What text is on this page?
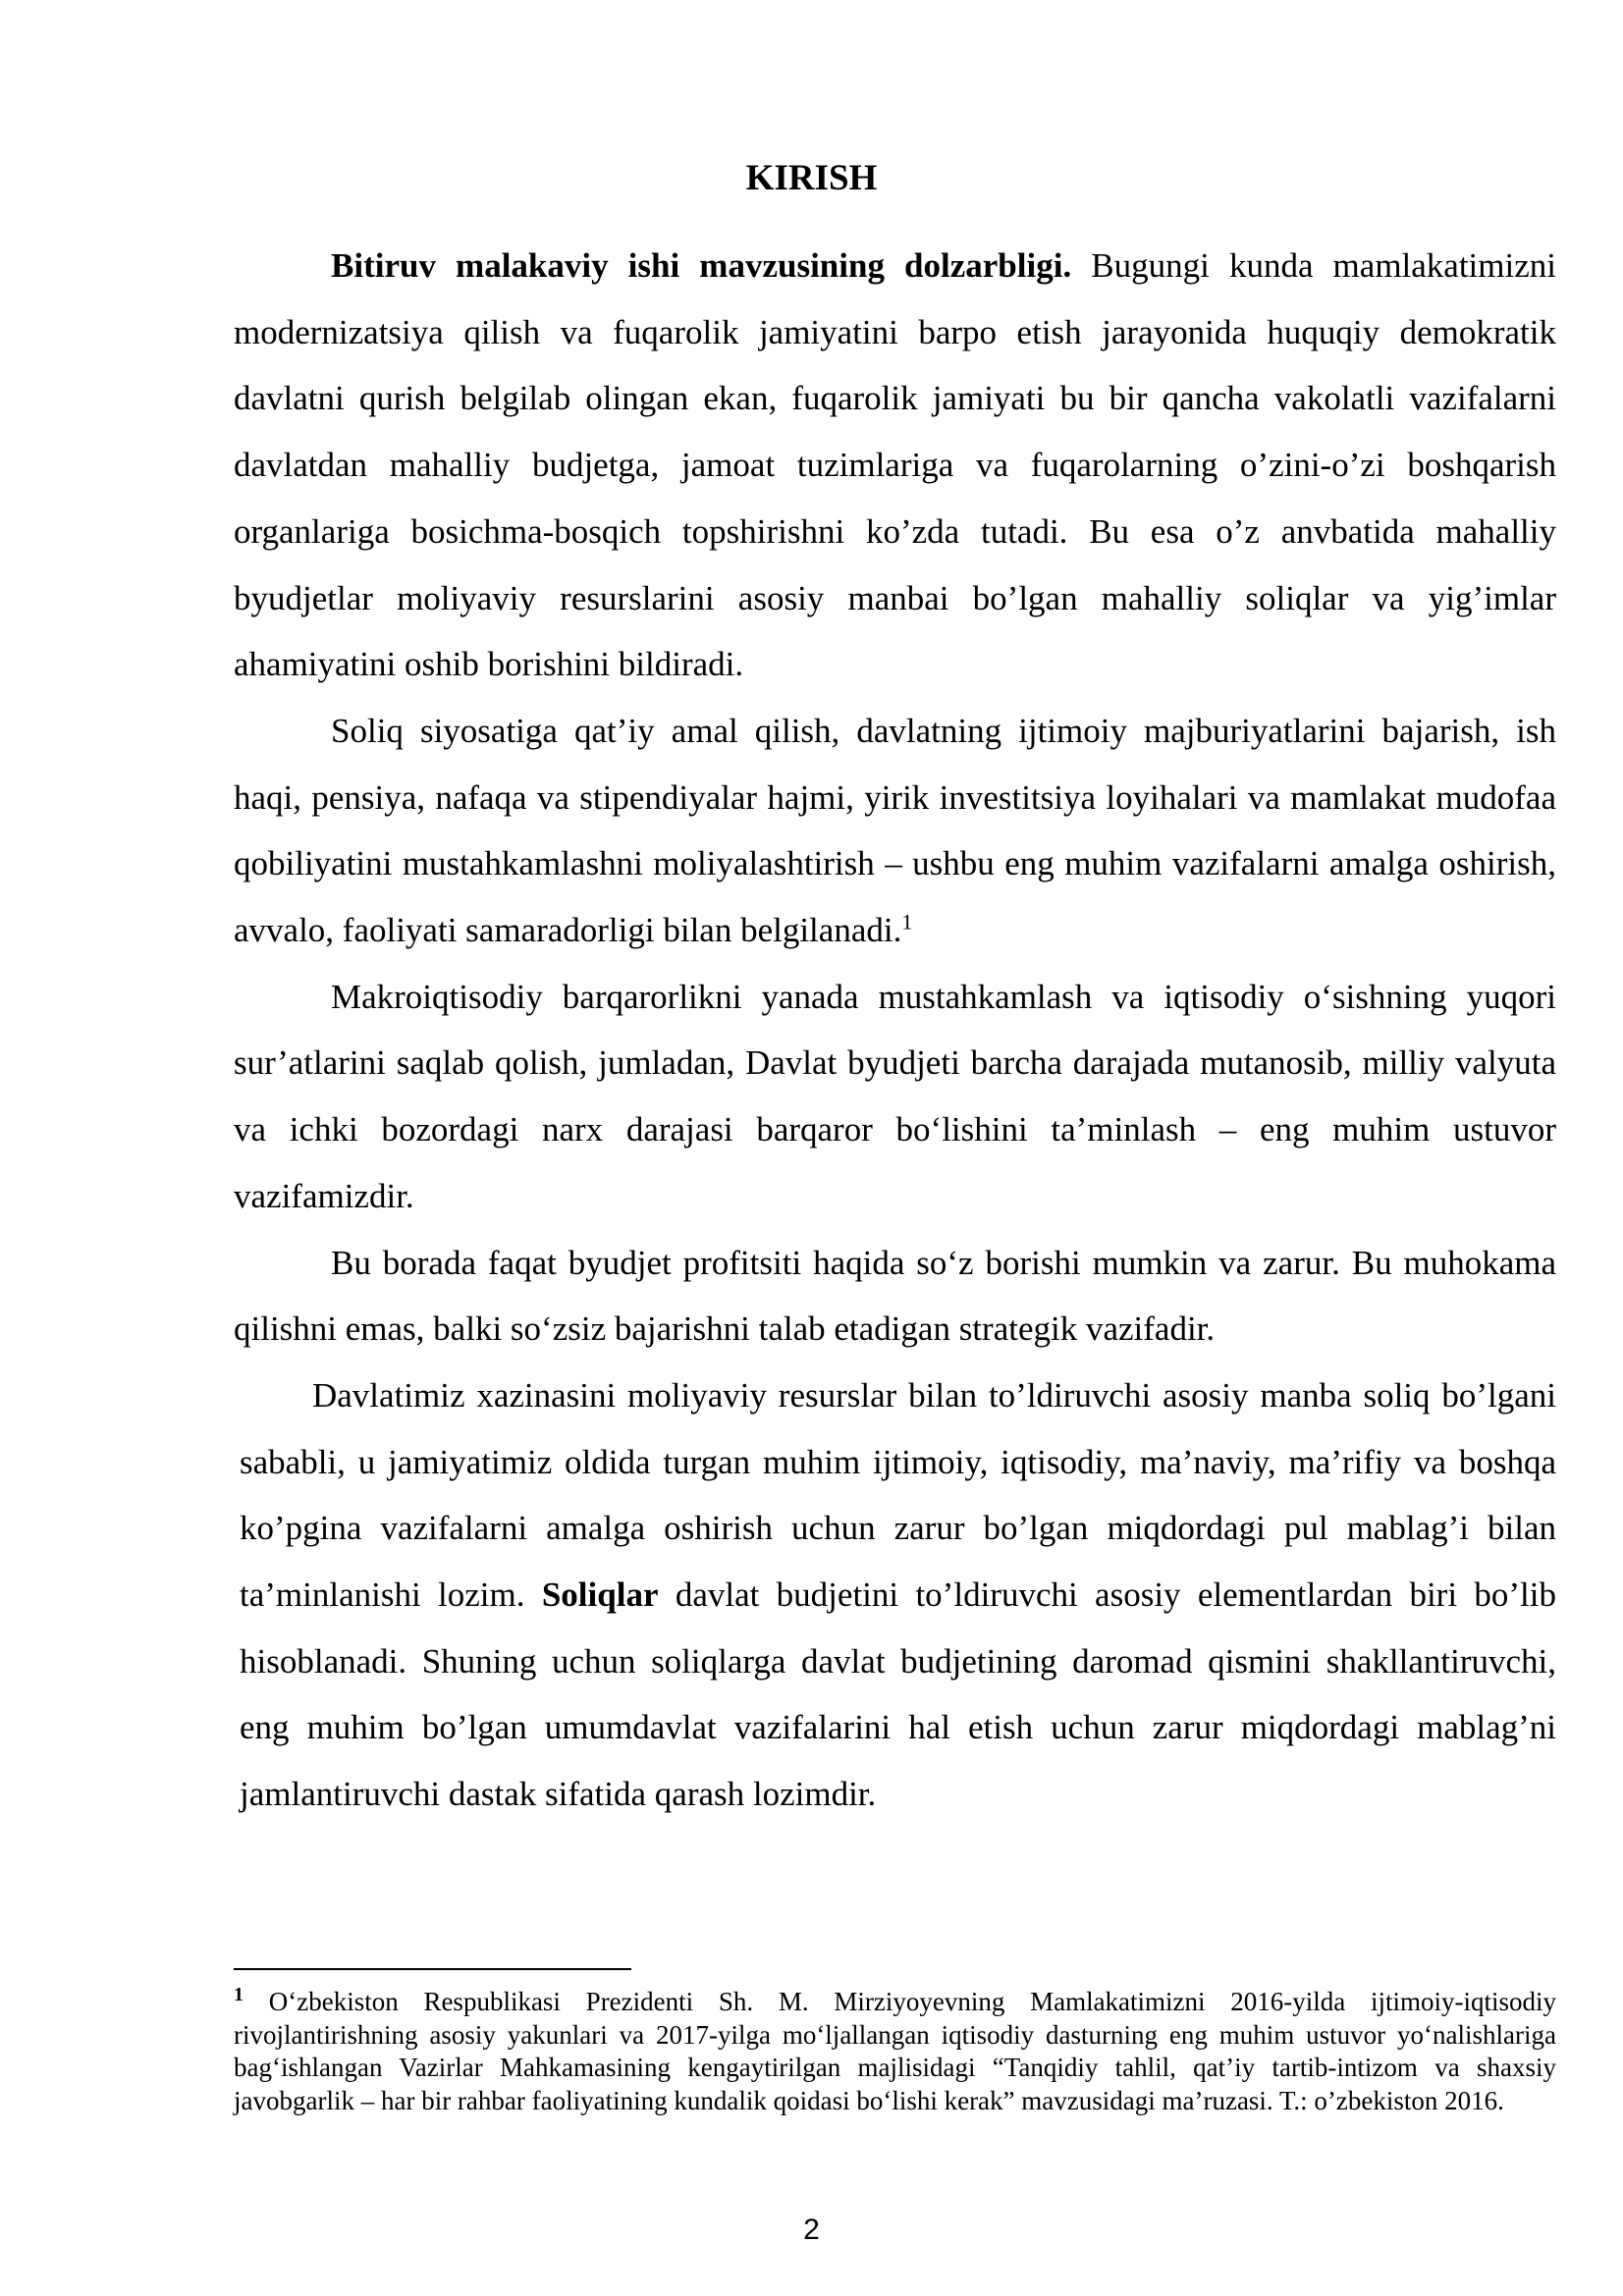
KIRISH

Bitiruv malakaviy ishi mavzusining dolzarbligi. Bugungi kunda mamlakatimizni modernizatsiya qilish va fuqarolik jamiyatini barpo etish jarayonida huquqiy demokratik davlatni qurish belgilab olingan ekan, fuqarolik jamiyati bu bir qancha vakolatli vazifalarni davlatdan mahalliy budjetga, jamoat tuzimlariga va fuqarolarning o’zini-o’zi boshqarish organlariga bosichma-bosqich topshirishni ko’zda tutadi. Bu esa o’z anvbatida mahalliy byudjetlar moliyaviy resurslarini asosiy manbai bo’lgan mahalliy soliqlar va yig’imlar ahamiyatini oshib borishini bildiradi.

Soliq siyosatiga qat’iy amal qilish, davlatning ijtimoiy majburiyatlarini bajarish, ish haqi, pensiya, nafaqa va stipendiyalar hajmi, yirik investitsiya loyihalari va mamlakat mudofaa qobiliyatini mustahkamlashni moliyalashtirish – ushbu eng muhim vazifalarni amalga oshirish, avvalo, faoliyati samaradorligi bilan belgilanadi.$^1$

Makroiqtisodiy barqarorlikni yanada mustahkamlash va iqtisodiy o‘sishning yuqori sur’atlarini saqlab qolish, jumladan, Davlat byudjeti barcha darajada mutanosib, milliy valyuta va ichki bozordagi narx darajasi barqaror bo‘lishini ta’minlash – eng muhim ustuvor vazifamizdir.

Bu borada faqat byudjet profitsiti haqida so‘z borishi mumkin va zarur. Bu muhokama qilishni emas, balki so‘zsiz bajarishni talab etadigan strategik vazifadir.

Davlatimiz xazinasini moliyaviy resurslar bilan to’ldiruvchi asosiy manba soliq bo’lgani sababli, u jamiyatimiz oldida turgan muhim ijtimoiy, iqtisodiy, ma’naviy, ma’rifiy va boshqa ko’pgina vazifalarni amalga oshirish uchun zarur bo’lgan miqdordagi pul mablag’i bilan ta’minlanishi lozim. Soliqlar davlat budjetini to’ldiruvchi asosiy elementlardan biri bo’lib hisoblanadi. Shuning uchun soliqlarga davlat budjetining daromad qismini shakllantiruvchi, eng muhim bo’lgan umumdavlat vazifalarini hal etish uchun zarur miqdordagi mablag’ni jamlantiruvchi dastak sifatida qarash lozimdir.

$^1$ O‘zbekiston Respublikasi Prezidenti Sh. M. Mirziyoyevning Mamlakatimizni 2016-yilda ijtimoiy-iqtisodiy rivojlantirishning asosiy yakunlari va 2017-yilga mo‘ljallangan iqtisodiy dasturning eng muhim ustuvor yo‘nalishlariga bag‘ishlangan Vazirlar Mahkamasining kengaytirilgan majlisidagi “Tanqidiy tahlil, qat’iy tartib-intizom va shaxsiy javobgarlik – har bir rahbar faoliyatining kundalik qoidasi bo‘lishi kerak” mavzusidagi ma’ruzasi. T.: o’zbekiston 2016.

2
